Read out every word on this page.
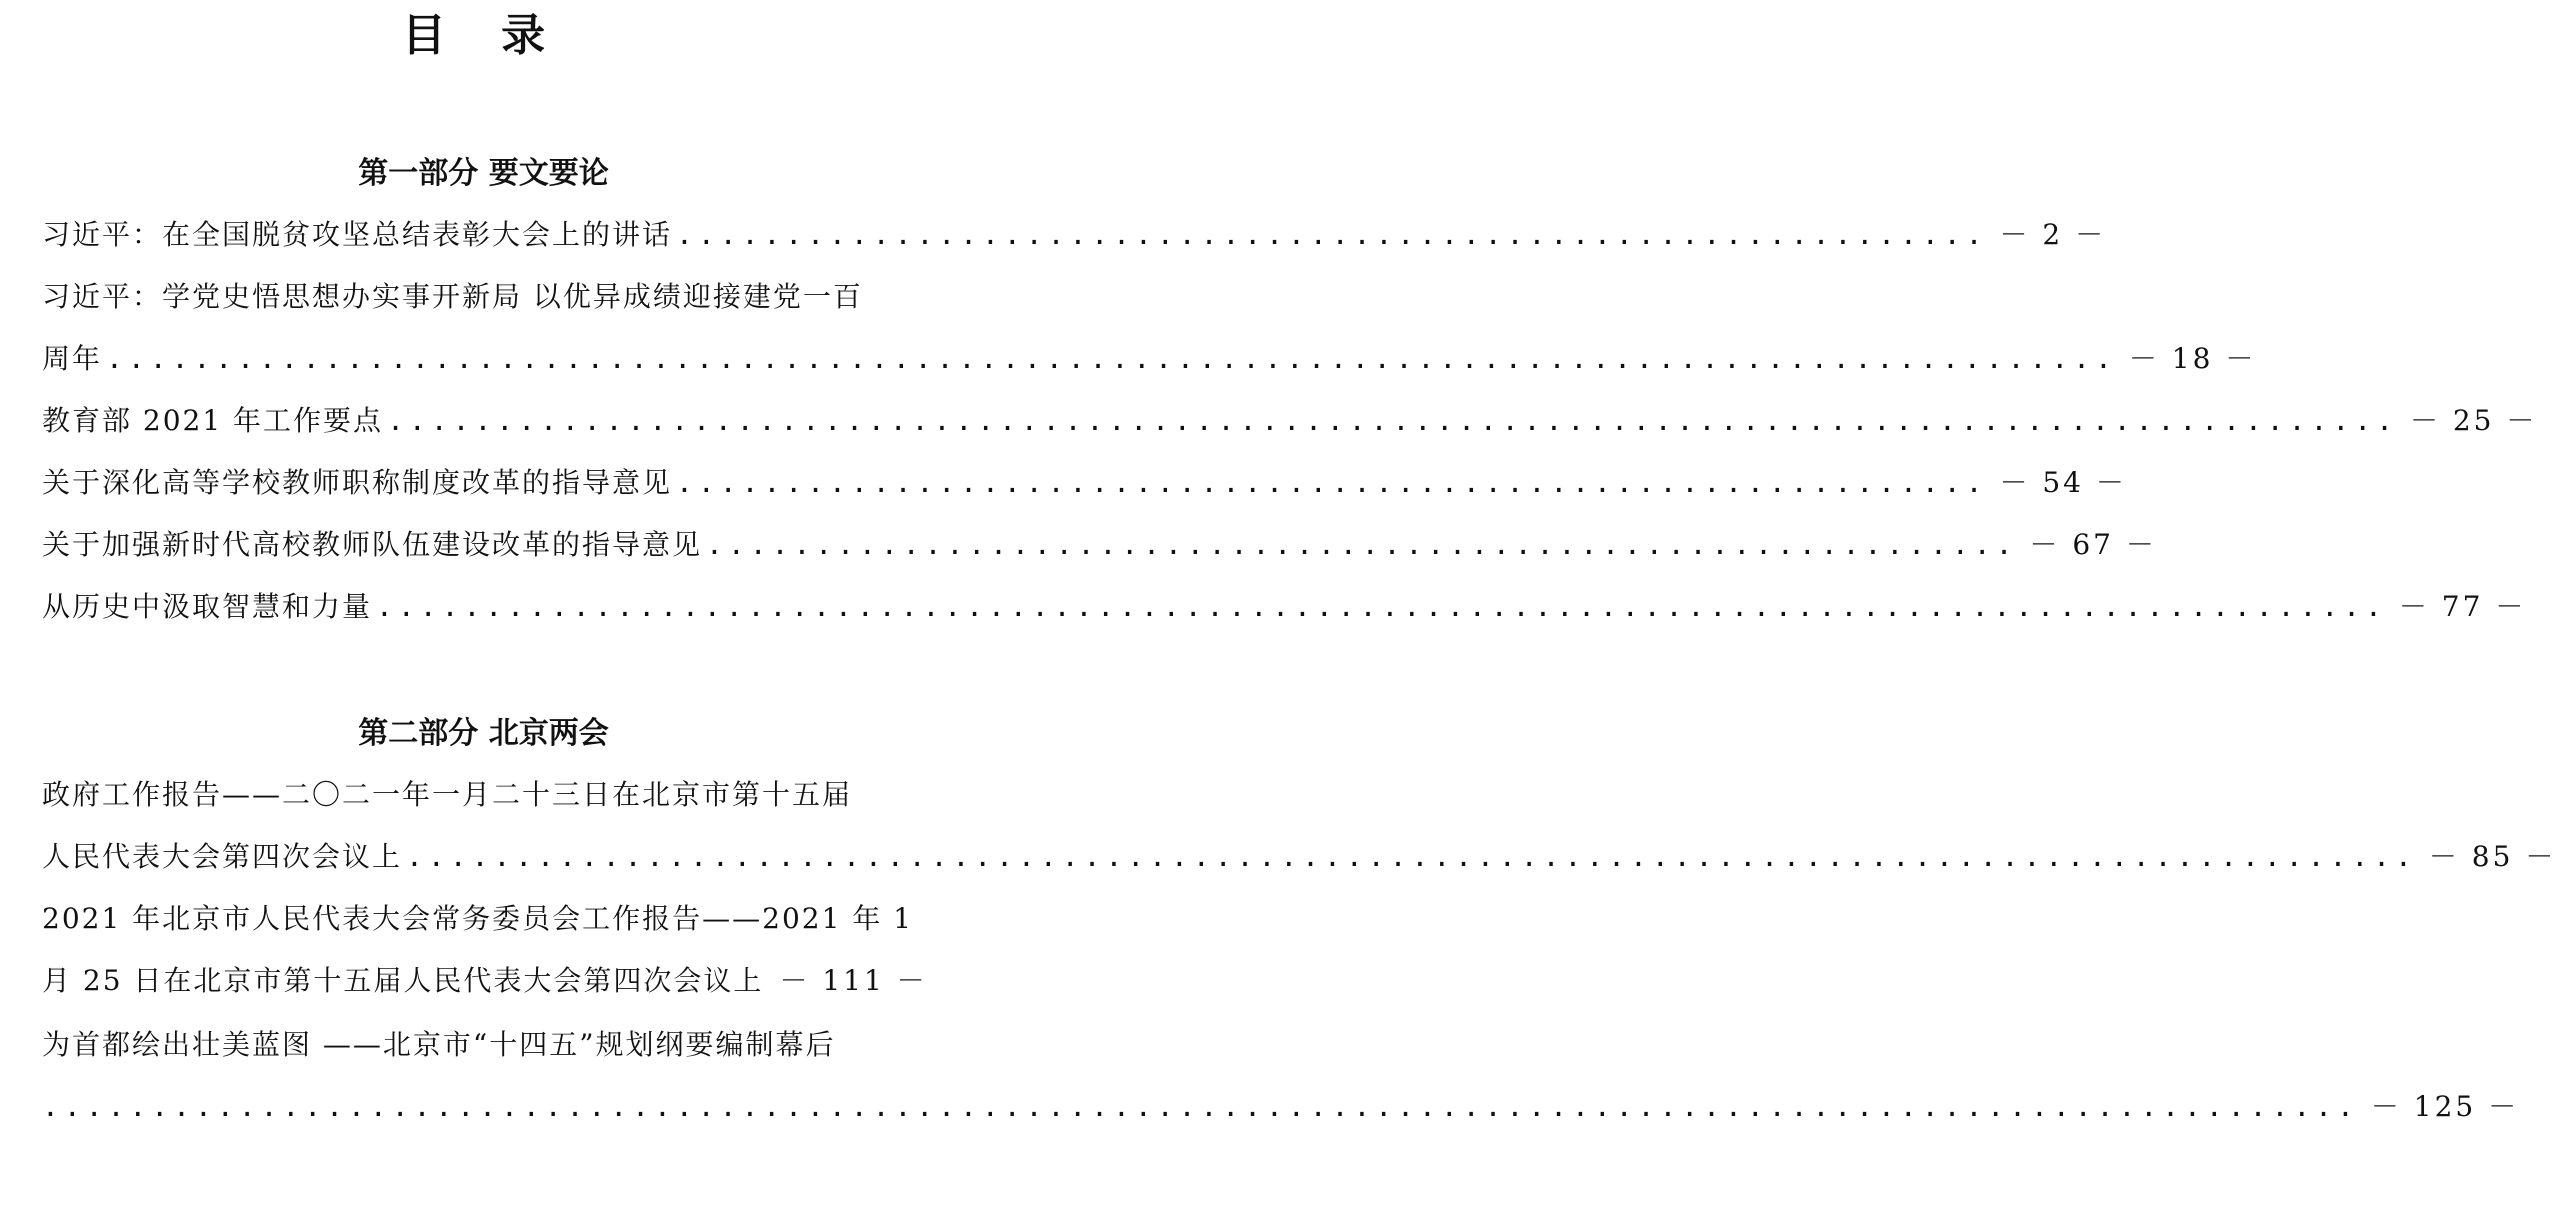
目 录
第一部分 要文要论
习近平：在全国脱贫攻坚总结表彰大会上的讲话 ............................................................ － 2 －
习近平：学党史悟思想办实事开新局 以优异成绩迎接建党一百
周年 ............................................................................................ － 18 －
教育部 2021 年工作要点 ............................................................................................ － 25 －
关于深化高等学校教师职称制度改革的指导意见 ............................................................ － 54 －
关于加强新时代高校教师队伍建设改革的指导意见 ............................................................ － 67 －
从历史中汲取智慧和力量 ............................................................................................ － 77 －
第二部分 北京两会
政府工作报告——二〇二一年一月二十三日在北京市第十五届
人民代表大会第四次会议上 ............................................................................................ － 85 －
2021 年北京市人民代表大会常务委员会工作报告——2021 年 1
月 25 日在北京市第十五届人民代表大会第四次会议上 － 111 －
为首都绘出壮美蓝图 ——北京市“十四五”规划纲要编制幕后
.......................................................................................................... － 125 －
